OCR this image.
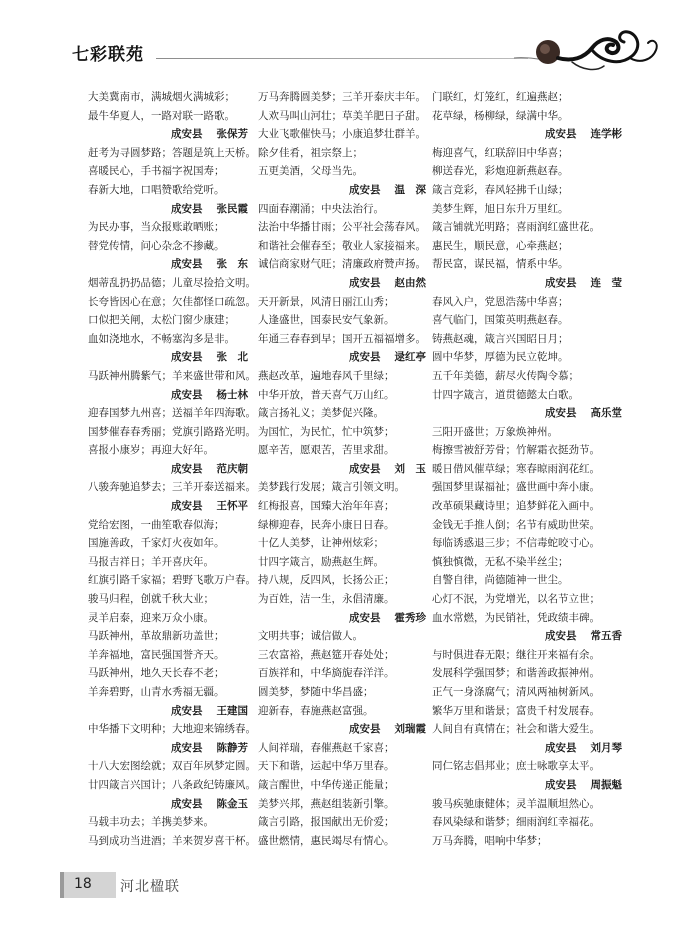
七彩联苑
大美冀南市，满城烟火满城彩；
最牛华夏人，一路对联一路歌。
成安县 张保芳
赶考为寻圆梦路；答题是筑上天桥。
喜暖民心，手书福字祝国寿；
春新大地，口唱赞歌给党听。
成安县 张民霞
为民办事，当众报账敢晒账；
替党传情，问心杂念不掺藏。
成安县 张　东
烟蒂乱扔扔品德；儿童尽捡拾文明。
长夸皆因心在意；欠佳都怪口疏忽。
口似把关闸，太松门窗少康建；
血如浇地水，不畅塞沟多是非。
成安县 张　北
马跃神州腾紫气；羊来盛世带和风。
成安县 杨士林
迎春国梦九州喜；送福羊年四海歌。
国梦催春春秀丽；党旗引路路光明。
喜报小康岁；再迎大好年。
成安县 范庆朝
八骏奔驰追梦去；三羊开泰送福来。
成安县 王怀平
党给宏图，一曲笙歌春似海；
国施善政，千家灯火夜如年。
马报吉祥日；羊开喜庆年。
红旗引路千家福；碧野飞歌万户春。
骏马归程，创就千秋大业；
灵羊启泰，迎来万众小康。
马跃神州，革故鼎新功盖世；
羊奔福地，富民强国誉齐天。
马跃神州，地久天长春不老；
羊奔碧野，山青水秀福无疆。
成安县 王建国
中华播下文明种；大地迎来锦绣春。
成安县 陈静芳
十八大宏图绘就；双百年夙梦定圆。
廿四箴言兴国计；八条政纪铸廉风。
成安县 陈金玉
马载丰功去；羊携美梦来。
马到成功当进酒；羊来贺岁喜干杯。
万马奔腾圆美梦；三羊开泰庆丰年。
人欢马叫山河壮；草美羊肥日子甜。
大业飞歌催快马；小康追梦壮群羊。
除夕佳肴，祖宗祭上；
五更美酒，父母当先。
成安县 温　深
四面春潮涌；中央法治行。
法治中华播甘雨；公平社会荡春风。
和谐社会催春至；敬业人家接福来。
诚信商家财气旺；清廉政府赞声扬。
成安县 赵由然
天开新景，风清日丽江山秀；
人逢盛世，国泰民安气象新。
年通三春春到早；国开五福福增多。
成安县 逯红亭
燕赵改革，遍地春风千里绿；
中华开放，普天喜气万山红。
箴言扬礼义；美梦促兴隆。
为国忙，为民忙，忙中筑梦；
愿辛苦，愿艰苦，苦里求甜。
成安县 刘　玉
美梦践行发展；箴言引领文明。
红梅报喜，国臻大治年年喜；
绿柳迎春，民奔小康日日春。
十亿人美梦，让神州炫彩；
廿四字箴言，励燕赵生辉。
持八规，反四风，长扬公正；
为百姓，洁一生，永倡清廉。
成安县 霍秀珍
文明共事；诚信做人。
三农富裕，燕赵筵开春处处；
百族祥和，中华旖旎春洋洋。
圆美梦，梦随中华昌盛；
迎新春，春施燕赵富强。
成安县 刘瑞霞
人间祥瑞，春催燕赵千家喜；
天下和谐，运起中华万里春。
箴言醒世，中华传递正能量；
美梦兴邦，燕赵组装新引擎。
箴言引路，报国献出无价爱；
盛世燃情，惠民竭尽有情心。
门联红，灯笼红，红遍燕赵；
花草绿，杨柳绿，绿满中华。
成安县 连学彬
梅迎喜气，红联辞旧中华喜；
柳送春光，彩炮迎新燕赵春。
箴言竞彩，春风轻拂千山绿；
美梦生辉，旭日东升万里红。
箴言铺就光明路；喜雨润红盛世花。
惠民生，顺民意，心牵燕赵；
帮民富，谋民福，情系中华。
成安县 连　莹
春风入户，党恩浩荡中华喜；
喜气临门，国策英明燕赵春。
铸燕赵魂，箴言兴国昭日月；
圆中华梦，厚德为民立乾坤。
五千年美德，薪尽火传陶令慕；
廿四字箴言，道贯德懿太白歌。
成安县 高乐堂
三阳开盛世；万象焕神州。
梅擦雪被舒芳骨；竹解霜衣挺劲节。
暖日借风催草绿；寒春晾雨润花红。
强国梦里谋福祉；盛世画中奔小康。
改革硕果藏诗里；追梦鲜花入画中。
金钱无手推人倒；名节有威助世荣。
每临诱惑退三步；不信毒蛇咬寸心。
慎独慎微，无私不染半丝尘；
自警自律，尚德随神一世尘。
心灯不泯，为党增光，以名节立世；
血水常燃，为民销社，凭政绩丰碑。
成安县 常五香
与时俱进春无限；继往开来福有余。
发展科学强国梦；和谐善政振神州。
正气一身涤腐气；清风两袖树新风。
繁华万里和谐景；富贵千村发展春。
人间自有真情在；社会和谐大爱生。
成安县 刘月琴
同仁铭志倡邦业；庶士咏歌享太平。
成安县 周振魁
骏马疾驰康健体；灵羊温顺坦然心。
春风染绿和谐梦；细雨润红幸福花。
万马奔腾，唱响中华梦；
18 河北楹联
